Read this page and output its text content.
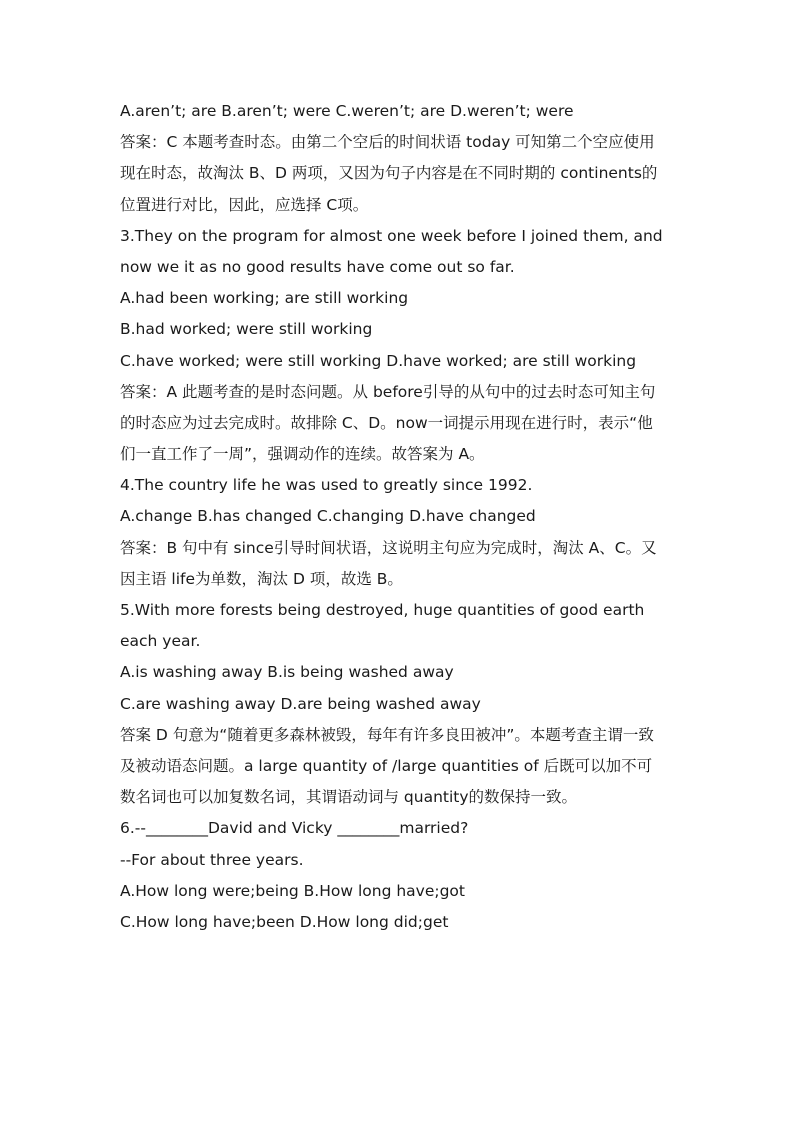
A.aren’t; are B.aren’t; were C.weren’t; are D.weren’t; were
答案：C 本题考查时态。由第二个空后的时间状语 today 可知第二个空应使用
现在时态，故淘汰 B、D 两项，又因为句子内容是在不同时期的 continents的
位置进行对比，因此，应选择 C项。
3.They on the program for almost one week before I joined them, and
now we it as no good results have come out so far.
A.had been working; are still working
B.had worked; were still working
C.have worked; were still working D.have worked; are still working
答案：A 此题考查的是时态问题。从 before引导的从句中的过去时态可知主句
的时态应为过去完成时。故排除 C、D。now一词提示用现在进行时，表示“他
们一直工作了一周”，强调动作的连续。故答案为 A。
4.The country life he was used to greatly since 1992.
A.change B.has changed C.changing D.have changed
答案：B 句中有 since引导时间状语，这说明主句应为完成时，淘汰 A、C。又
因主语 life为单数，淘汰 D 项，故选 B。
5.With more forests being destroyed, huge quantities of good earth
each year.
A.is washing away B.is being washed away
C.are washing away D.are being washed away
答案 D 句意为“随着更多森林被毁，每年有许多良田被冲”。本题考查主谓一致
及被动语态问题。a large quantity of /large quantities of 后既可以加不可
数名词也可以加复数名词，其谓语动词与 quantity的数保持一致。
6.--________David and Vicky ________married?
--For about three years.
A.How long were;being B.How long have;got
C.How long have;been D.How long did;get
